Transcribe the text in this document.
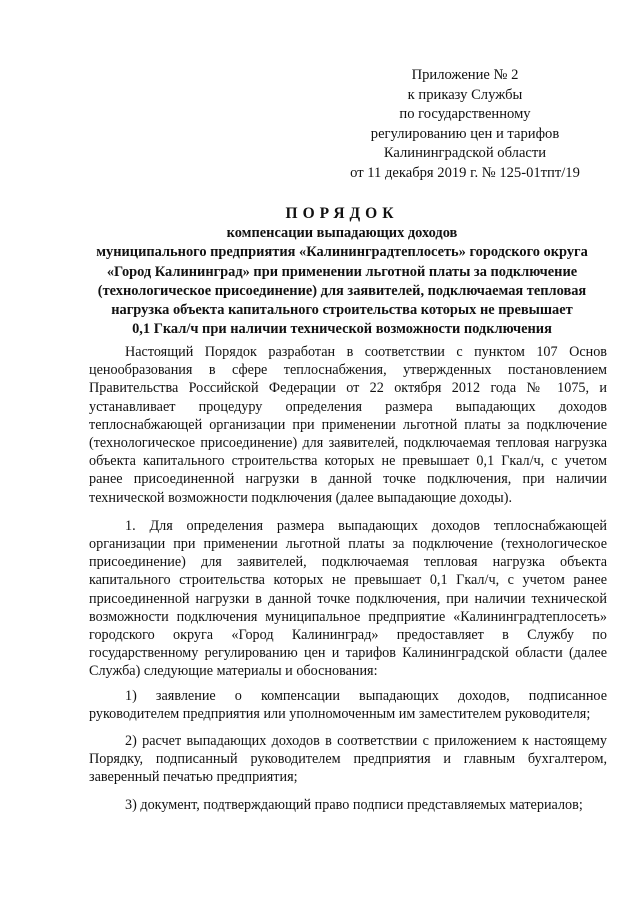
Приложение № 2
к приказу Службы
по государственному
регулированию цен и тарифов
Калининградской области
от 11 декабря 2019 г. № 125-01тпт/19
ПОРЯДОК
компенсации выпадающих доходов
муниципального предприятия «Калининградтеплосеть» городского округа
«Город Калининград» при применении льготной платы за подключение
(технологическое присоединение) для заявителей, подключаемая тепловая
нагрузка объекта капитального строительства которых не превышает
0,1 Гкал/ч при наличии технической возможности подключения

Настоящий Порядок разработан в соответствии с пунктом 107 Основ ценообразования в сфере теплоснабжения, утвержденных постановлением Правительства Российской Федерации от 22 октября 2012 года № 1075, и устанавливает процедуру определения размера выпадающих доходов теплоснабжающей организации при применении льготной платы за подключение (технологическое присоединение) для заявителей, подключаемая тепловая нагрузка объекта капитального строительства которых не превышает 0,1 Гкал/ч, с учетом ранее присоединенной нагрузки в данной точке подключения, при наличии технической возможности подключения (далее выпадающие доходы).

1. Для определения размера выпадающих доходов теплоснабжающей организации при применении льготной платы за подключение (технологическое присоединение) для заявителей, подключаемая тепловая нагрузка объекта капитального строительства которых не превышает 0,1 Гкал/ч, с учетом ранее присоединенной нагрузки в данной точке подключения, при наличии технической возможности подключения муниципальное предприятие «Калининградтеплосеть» городского округа «Город Калининград» предоставляет в Службу по государственному регулированию цен и тарифов Калининградской области (далее Служба) следующие материалы и обоснования:

1) заявление о компенсации выпадающих доходов, подписанное руководителем предприятия или уполномоченным им заместителем руководителя;

2) расчет выпадающих доходов в соответствии с приложением к настоящему Порядку, подписанный руководителем предприятия и главным бухгалтером, заверенный печатью предприятия;

3) документ, подтверждающий право подписи представляемых материалов;
